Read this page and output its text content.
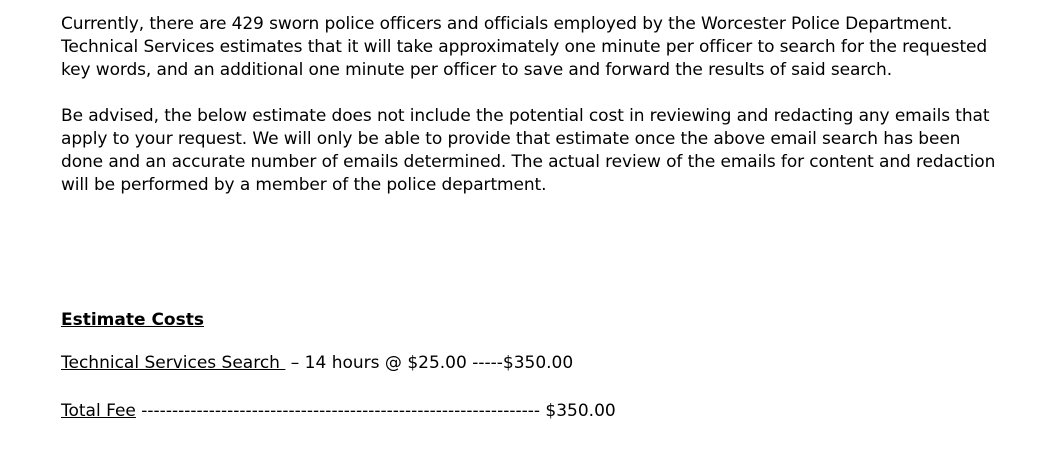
Currently, there are 429 sworn police officers and officials employed by the Worcester Police Department. Technical Services estimates that it will take approximately one minute per officer to search for the requested key words, and an additional one minute per officer to save and forward the results of said search.

Be advised, the below estimate does not include the potential cost in reviewing and redacting any emails that apply to your request. We will only be able to provide that estimate once the above email search has been done and an accurate number of emails determined. The actual review of the emails for content and redaction will be performed by a member of the police department.

Estimate Costs
Technical Services Search  – 14 hours @ $25.00 -----$350.00
Total Fee ----------------------------------------------------------------- $350.00
